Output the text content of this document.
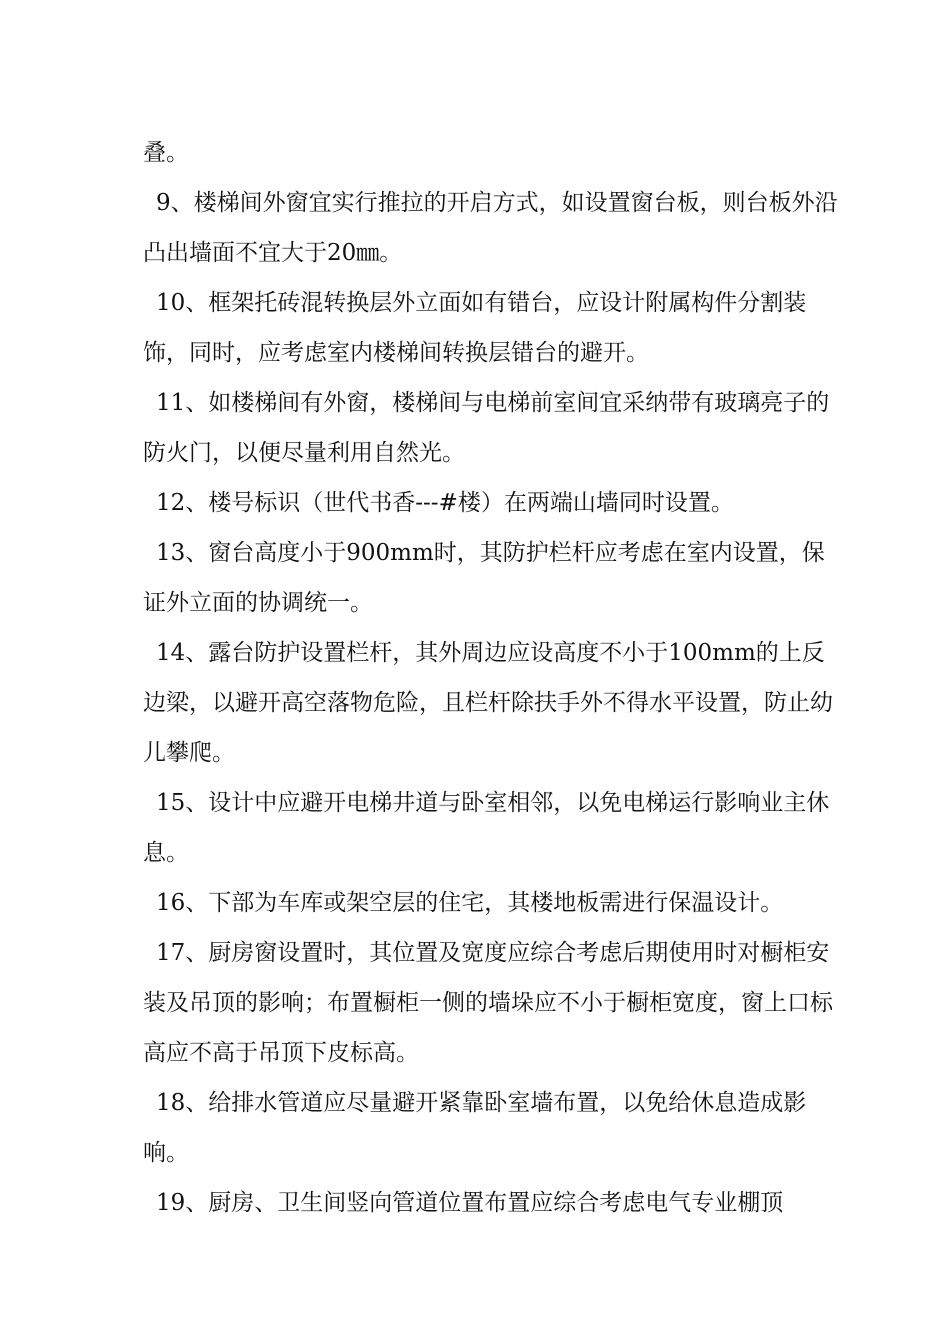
叠。

9、楼梯间外窗宜实行推拉的开启方式，如设置窗台板，则台板外沿凸出墙面不宜大于20㎜。

10、框架托砖混转换层外立面如有错台，应设计附属构件分割装饰，同时，应考虑室内楼梯间转换层错台的避开。

11、如楼梯间有外窗，楼梯间与电梯前室间宜采纳带有玻璃亮子的防火门，以便尽量利用自然光。

12、楼号标识（世代书香---#楼）在两端山墙同时设置。

13、窗台高度小于900mm时，其防护栏杆应考虑在室内设置，保证外立面的协调统一。

14、露台防护设置栏杆，其外周边应设高度不小于100mm的上反边梁，以避开高空落物危险，且栏杆除扶手外不得水平设置，防止幼儿攀爬。

15、设计中应避开电梯井道与卧室相邻，以免电梯运行影响业主休息。

16、下部为车库或架空层的住宅，其楼地板需进行保温设计。

17、厨房窗设置时，其位置及宽度应综合考虑后期使用时对橱柜安装及吊顶的影响；布置橱柜一侧的墙垛应不小于橱柜宽度，窗上口标高应不高于吊顶下皮标高。

18、给排水管道应尽量避开紧靠卧室墙布置，以免给休息造成影响。

19、厨房、卫生间竖向管道位置布置应综合考虑电气专业棚顶
